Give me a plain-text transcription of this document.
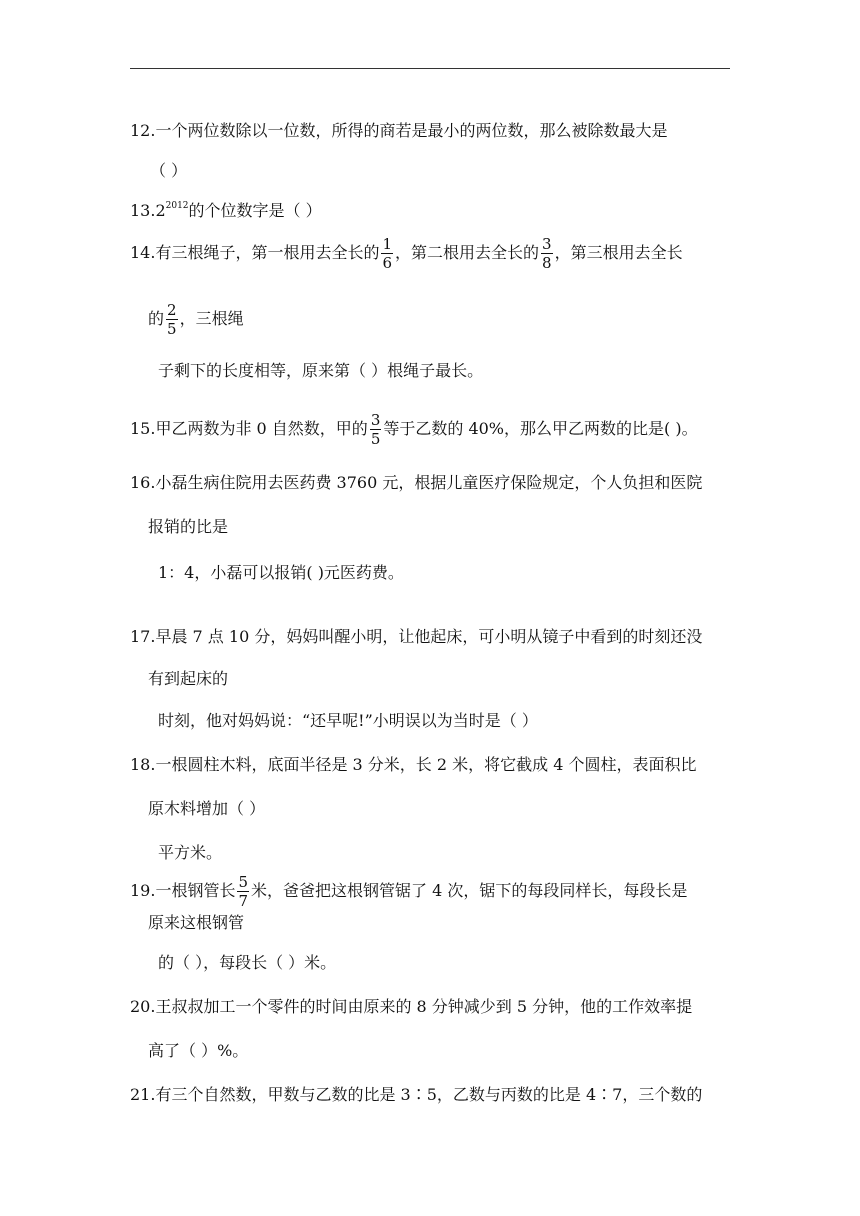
12.一个两位数除以一位数，所得的商若是最小的两位数，那么被除数最大是
（ ）
$13.2^{2012}$的个位数字是（ ）
14.有三根绳子，第一根用去全长的 $\frac{1}{6}$ ，第二根用去全长的 $\frac{3}{8}$ ，第三根用去全长
的 $\frac{2}{5}$ ，三根绳
子剩下的长度相等，原来第（ ）根绳子最长。
15.甲乙两数为非 0 自然数，甲的 $\frac{3}{5}$ 等于乙数的 40%，那么甲乙两数的比是( )。
16.小磊生病住院用去医药费 3760 元，根据儿童医疗保险规定，个人负担和医院
报销的比是
1：4，小磊可以报销( )元医药费。
17.早晨 7 点 10 分，妈妈叫醒小明，让他起床，可小明从镜子中看到的时刻还没
有到起床的
时刻，他对妈妈说：“还早呢!”小明误以为当时是（ ）
18.一根圆柱木料，底面半径是 3 分米，长 2 米，将它截成 4 个圆柱，表面积比
原木料增加（ ）
平方米。
19.一根钢管长 $\frac{5}{7}$ 米，爸爸把这根钢管锯了 4 次，锯下的每段同样长，每段长是
原来这根钢管
的（ ），每段长（ ）米。
20.王叔叔加工一个零件的时间由原来的 8 分钟减少到 5 分钟，他的工作效率提
高了（ ）%。
21.有三个自然数，甲数与乙数的比是 3∶5，乙数与丙数的比是 4∶7，三个数的
